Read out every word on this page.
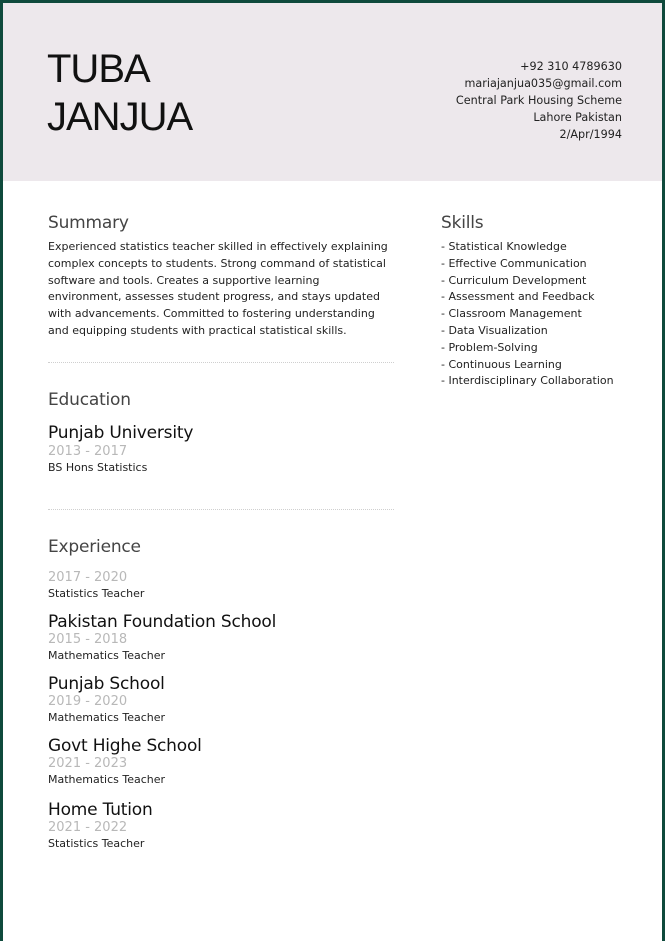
TUBA
JANJUA
+92 310 4789630
mariajanjua035@gmail.com
Central Park Housing Scheme
Lahore Pakistan
2/Apr/1994
Summary

Experienced statistics teacher skilled in effectively explaining complex concepts to students. Strong command of statistical software and tools. Creates a supportive learning environment, assesses student progress, and stays updated with advancements. Committed to fostering understanding and equipping students with practical statistical skills.

Education
Punjab University
2013 - 2017
BS Hons Statistics
Experience
2017 - 2020
Statistics Teacher
Pakistan Foundation School
2015 - 2018
Mathematics Teacher
Punjab School
2019 - 2020
Mathematics Teacher
Govt Highe School
2021 - 2023
Mathematics Teacher
Home Tution
2021 - 2022
Statistics Teacher
Skills
- Statistical Knowledge
- Effective Communication
- Curriculum Development
- Assessment and Feedback
- Classroom Management
- Data Visualization
- Problem-Solving
- Continuous Learning
- Interdisciplinary Collaboration
